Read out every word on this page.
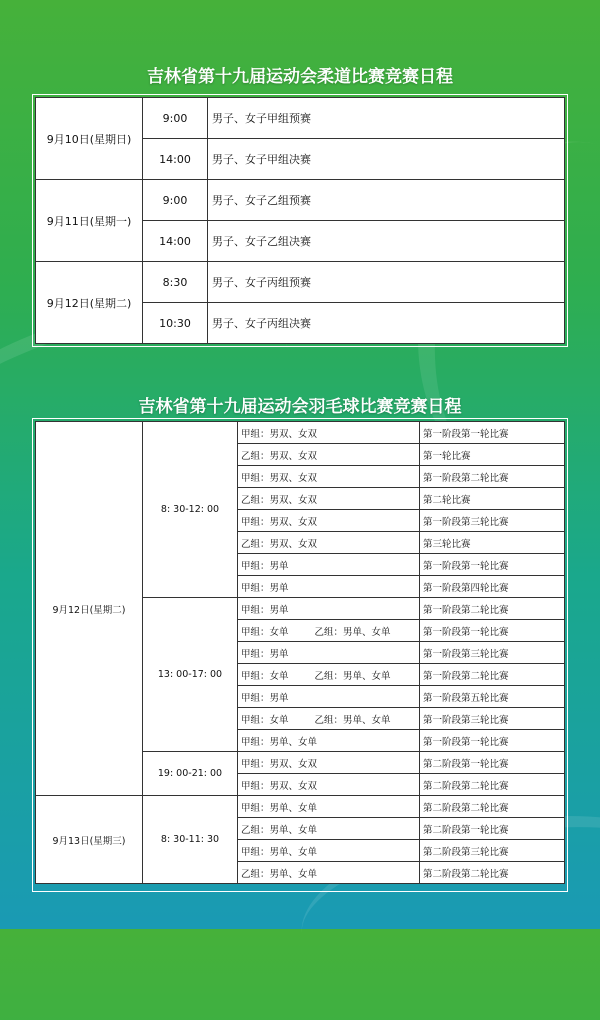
吉林省第十九届运动会柔道比赛竞赛日程
9月10日(星期日)	9:00	男子、女子甲组预赛
	14:00	男子、女子甲组决赛
9月11日(星期一)	9:00	男子、女子乙组预赛
	14:00	男子、女子乙组决赛
9月12日(星期二)	8:30	男子、女子丙组预赛
	10:30	男子、女子丙组决赛
吉林省第十九届运动会羽毛球比赛竞赛日程
9月12日(星期二)	8: 30-12: 00	甲组：男双、女双	第一阶段第一轮比赛
		乙组：男双、女双	第一轮比赛
		甲组：男双、女双	第一阶段第二轮比赛
		乙组：男双、女双	第二轮比赛
		甲组：男双、女双	第一阶段第三轮比赛
		乙组：男双、女双	第三轮比赛
		甲组：男单	第一阶段第一轮比赛
		甲组：男单	第一阶段第四轮比赛
	13: 00-17: 00	甲组：男单	第一阶段第二轮比赛
		甲组：女单 乙组：男单、女单	第一阶段第一轮比赛
		甲组：男单	第一阶段第三轮比赛
		甲组：女单 乙组：男单、女单	第一阶段第二轮比赛
		甲组：男单	第一阶段第五轮比赛
		甲组：女单 乙组：男单、女单	第一阶段第三轮比赛
		甲组：男单、女单	第一阶段第一轮比赛
	19: 00-21: 00	甲组：男双、女双	第二阶段第一轮比赛
		甲组：男双、女双	第二阶段第二轮比赛
9月13日(星期三)	8: 30-11: 30	甲组：男单、女单	第二阶段第二轮比赛
		乙组：男单、女单	第二阶段第一轮比赛
		甲组：男单、女单	第二阶段第三轮比赛
		乙组：男单、女单	第二阶段第二轮比赛
